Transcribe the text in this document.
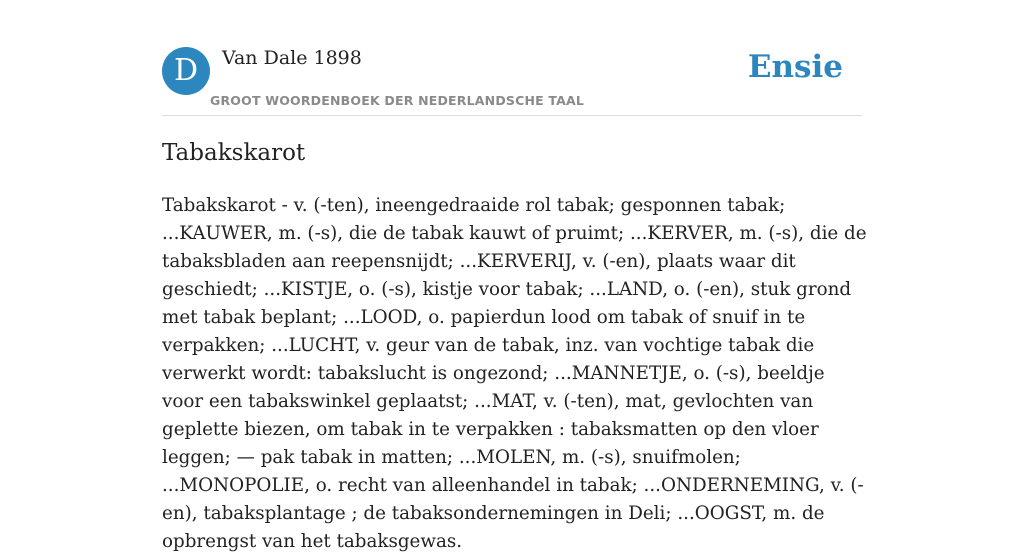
D	Van Dale 1898
GROOT WOORDENBOEK DER NEDERLANDSCHE TAAL
Ensie
Tabakskarot

Tabakskarot - v. (-ten), ineengedraaide rol tabak; gesponnen tabak; ...KAUWER, m. (-s), die de tabak kauwt of pruimt; ...KERVER, m. (-s), die de tabaksbladen aan reepensnijdt; ...KERVERIJ, v. (-en), plaats waar dit geschiedt; ...KISTJE, o. (-s), kistje voor tabak; ...LAND, o. (-en), stuk grond met tabak beplant; ...LOOD, o. papierdun lood om tabak of snuif in te verpakken; ...LUCHT, v. geur van de tabak, inz. van vochtige tabak die verwerkt wordt: tabakslucht is ongezond; ...MANNETJE, o. (-s), beeldje voor een tabakswinkel geplaatst; ...MAT, v. (-ten), mat, gevlochten van geplette biezen, om tabak in te verpakken : tabaksmatten op den vloer leggen; — pak tabak in matten; ...MOLEN, m. (-s), snuifmolen; ...MONOPOLIE, o. recht van alleenhandel in tabak; ...ONDERNEMING, v. (-en), tabaksplantage ; de tabaksondernemingen in Deli; ...OOGST, m. de opbrengst van het tabaksgewas.
